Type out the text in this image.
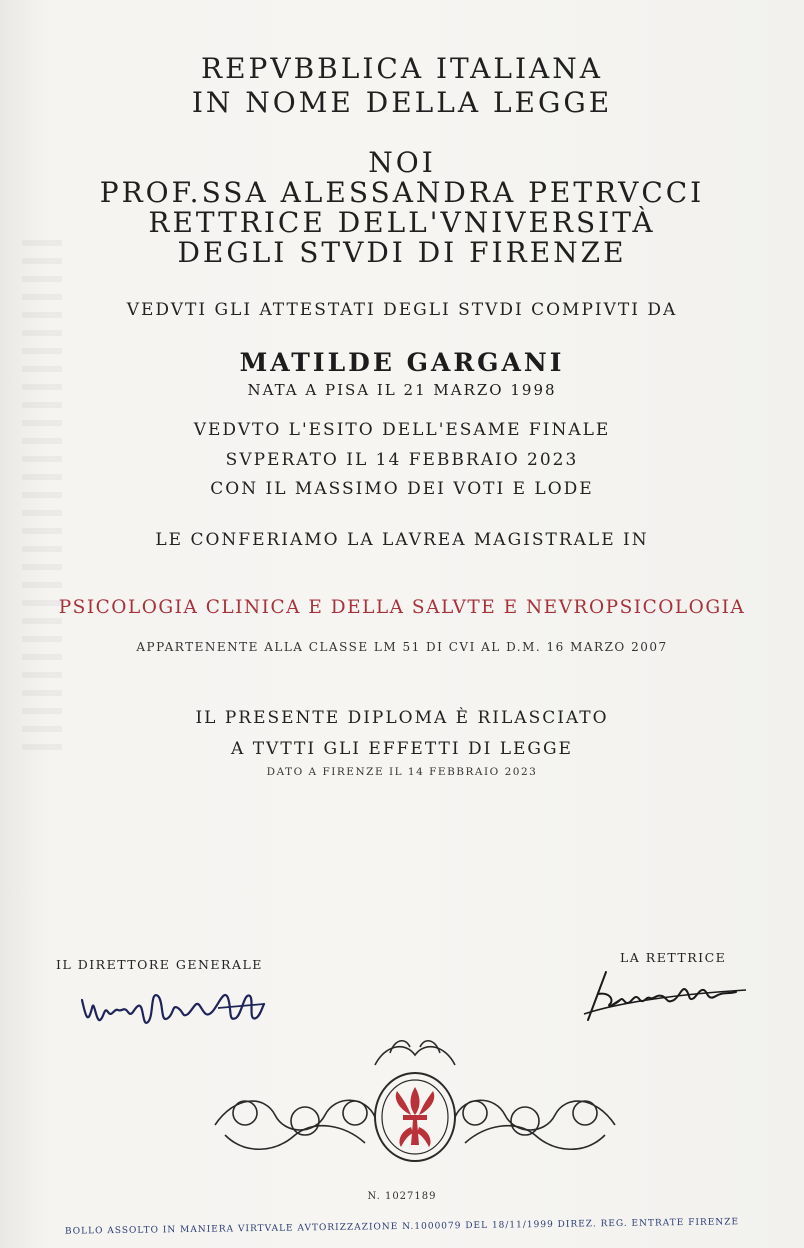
REPVBBLICA ITALIANA
IN NOME DELLA LEGGE
NOI
PROF.SSA ALESSANDRA PETRVCCI
RETTRICE DELL'VNIVERSITÀ
DEGLI STVDI DI FIRENZE
VEDVTI GLI ATTESTATI DEGLI STVDI COMPIVTI DA
MATILDE GARGANI
NATA A PISA IL 21 MARZO 1998
VEDVTO L'ESITO DELL'ESAME FINALE
SVPERATO IL 14 FEBBRAIO 2023
CON IL MASSIMO DEI VOTI E LODE
LE CONFERIAMO LA LAVREA MAGISTRALE IN
PSICOLOGIA CLINICA E DELLA SALVTE E NEVROPSICOLOGIA
APPARTENENTE ALLA CLASSE LM 51 DI CVI AL D.M. 16 MARZO 2007
IL PRESENTE DIPLOMA È RILASCIATO
A TVTTI GLI EFFETTI DI LEGGE
DATO A FIRENZE IL 14 FEBBRAIO 2023
IL DIRETTORE GENERALE	LA RETTRICE
N. 1027189
BOLLO ASSOLTO IN MANIERA VIRTVALE AVTORIZZAZIONE N.1000079 DEL 18/11/1999 DIREZ. REG. ENTRATE FIRENZE
